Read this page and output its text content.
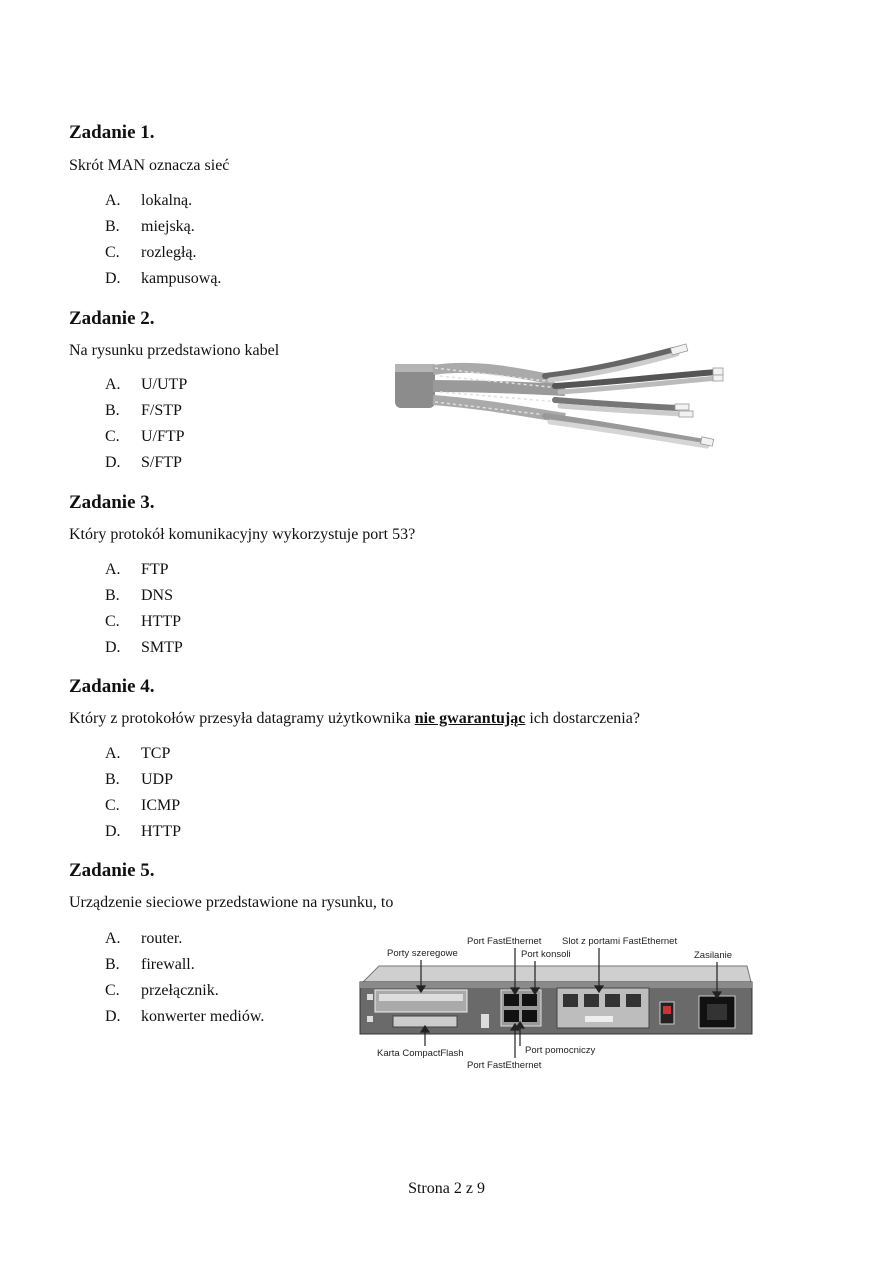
Zadanie 1.
Skrót MAN oznacza sieć
A. lokalną.
B. miejską.
C. rozległą.
D. kampusową.
Zadanie 2.
Na rysunku przedstawiono kabel
A. U/UTP
B. F/STP
C. U/FTP
D. S/FTP
Zadanie 3.
Który protokół komunikacyjny wykorzystuje port 53?
A. FTP
B. DNS
C. HTTP
D. SMTP
Zadanie 4.
Który z protokołów przesyła datagramy użytkownika nie gwarantując ich dostarczenia?
A. TCP
B. UDP
C. ICMP
D. HTTP
Zadanie 5.
Urządzenie sieciowe przedstawione na rysunku, to
A. router.
B. firewall.
C. przełącznik.
D. konwerter mediów.
Port FastEthernet Slot z portami FastEthernet
Porty szeregowe	Port konsoli	Zasilanie
Port pomocniczy
Karta CompactFlash
Port FastEthernet
Strona 2 z 9
